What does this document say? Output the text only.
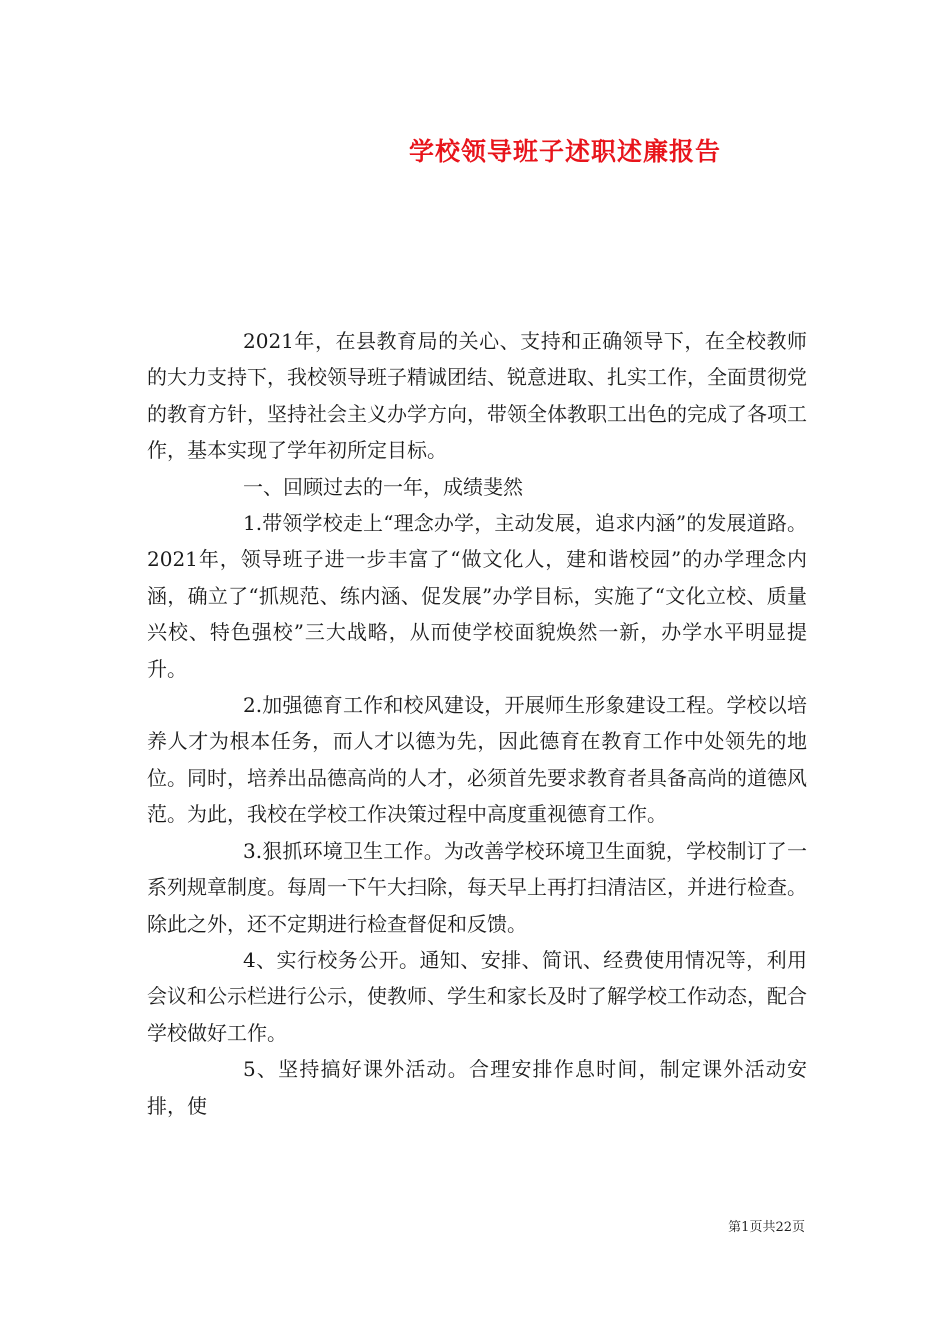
学校领导班子述职述廉报告

2021年，在县教育局的关心、支持和正确领导下，在全校教师的大力支持下，我校领导班子精诚团结、锐意进取、扎实工作，全面贯彻党的教育方针，坚持社会主义办学方向，带领全体教职工出色的完成了各项工作，基本实现了学年初所定目标。

一、回顾过去的一年，成绩斐然

1.带领学校走上“理念办学，主动发展，追求内涵”的发展道路。2021年，领导班子进一步丰富了“做文化人，建和谐校园”的办学理念内涵，确立了“抓规范、练内涵、促发展”办学目标，实施了“文化立校、质量兴校、特色强校”三大战略，从而使学校面貌焕然一新，办学水平明显提升。

2.加强德育工作和校风建设，开展师生形象建设工程。学校以培养人才为根本任务，而人才以德为先，因此德育在教育工作中处领先的地位。同时，培养出品德高尚的人才，必须首先要求教育者具备高尚的道德风范。为此，我校在学校工作决策过程中高度重视德育工作。

3.狠抓环境卫生工作。为改善学校环境卫生面貌，学校制订了一系列规章制度。每周一下午大扫除，每天早上再打扫清洁区，并进行检查。除此之外，还不定期进行检查督促和反馈。

4、实行校务公开。通知、安排、简讯、经费使用情况等，利用会议和公示栏进行公示，使教师、学生和家长及时了解学校工作动态，配合学校做好工作。

5、坚持搞好课外活动。合理安排作息时间，制定课外活动安排，使

第1页共22页
